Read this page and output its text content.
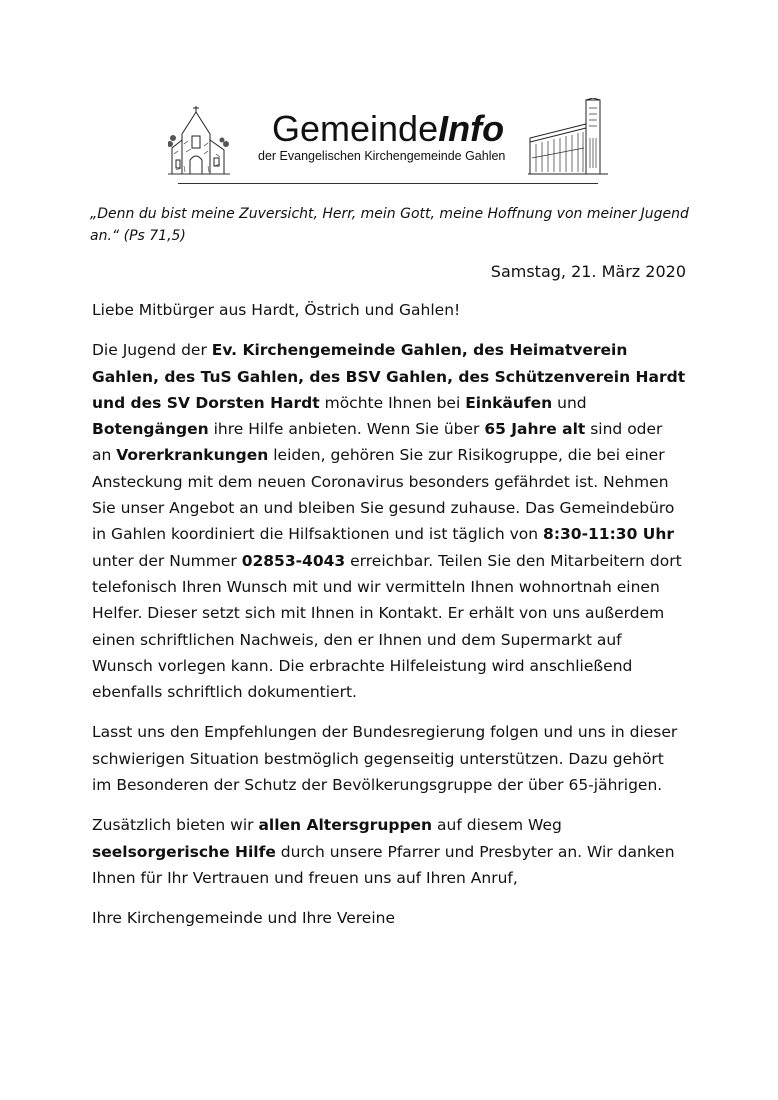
GemeindeInfo
der Evangelischen Kirchengemeinde Gahlen
„Denn du bist meine Zuversicht, Herr, mein Gott, meine Hoffnung von meiner Jugend an.“ (Ps 71,5)
Samstag, 21. März 2020

Liebe Mitbürger aus Hardt, Östrich und Gahlen!

Die Jugend der Ev. Kirchengemeinde Gahlen, des Heimatverein Gahlen, des TuS Gahlen, des BSV Gahlen, des Schützenverein Hardt und des SV Dorsten Hardt möchte Ihnen bei Einkäufen und Botengängen ihre Hilfe anbieten. Wenn Sie über 65 Jahre alt sind oder an Vorerkrankungen leiden, gehören Sie zur Risikogruppe, die bei einer Ansteckung mit dem neuen Coronavirus besonders gefährdet ist. Nehmen Sie unser Angebot an und bleiben Sie gesund zuhause. Das Gemeindebüro in Gahlen koordiniert die Hilfsaktionen und ist täglich von 8:30-11:30 Uhr unter der Nummer 02853-4043 erreichbar. Teilen Sie den Mitarbeitern dort telefonisch Ihren Wunsch mit und wir vermitteln Ihnen wohnortnah einen Helfer. Dieser setzt sich mit Ihnen in Kontakt. Er erhält von uns außerdem einen schriftlichen Nachweis, den er Ihnen und dem Supermarkt auf Wunsch vorlegen kann. Die erbrachte Hilfeleistung wird anschließend ebenfalls schriftlich dokumentiert.

Lasst uns den Empfehlungen der Bundesregierung folgen und uns in dieser schwierigen Situation bestmöglich gegenseitig unterstützen. Dazu gehört im Besonderen der Schutz der Bevölkerungsgruppe der über 65-jährigen.

Zusätzlich bieten wir allen Altersgruppen auf diesem Weg seelsorgerische Hilfe durch unsere Pfarrer und Presbyter an. Wir danken Ihnen für Ihr Vertrauen und freuen uns auf Ihren Anruf,

Ihre Kirchengemeinde und Ihre Vereine
